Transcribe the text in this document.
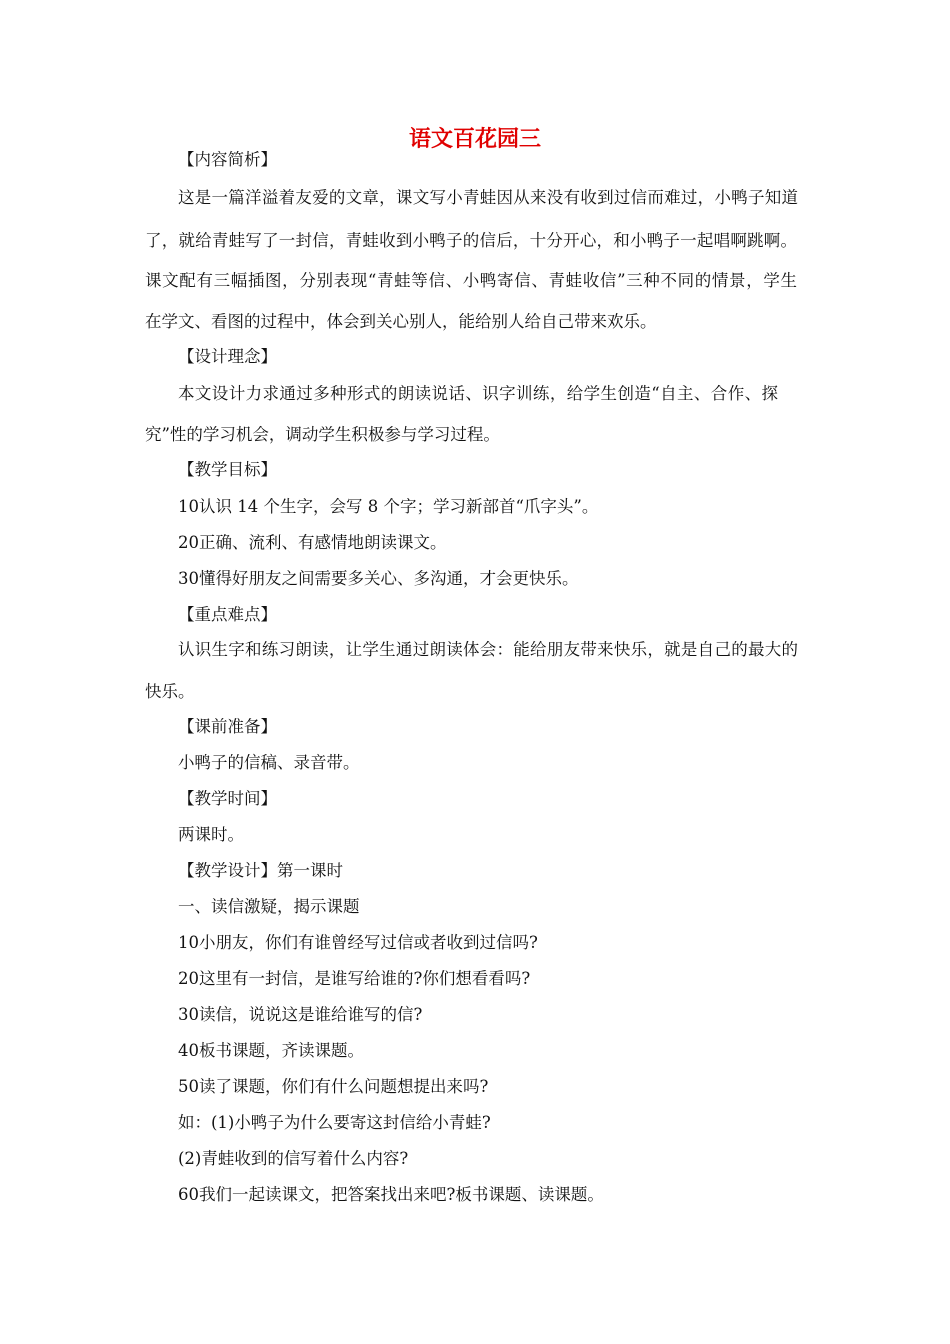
语文百花园三
【内容简析】
这是一篇洋溢着友爱的文章，课文写小青蛙因从来没有收到过信而难过，小鸭子知道
了，就给青蛙写了一封信，青蛙收到小鸭子的信后，十分开心，和小鸭子一起唱啊跳啊。
课文配有三幅插图，分别表现“青蛙等信、小鸭寄信、青蛙收信”三种不同的情景，学生
在学文、看图的过程中，体会到关心别人，能给别人给自己带来欢乐。
【设计理念】
本文设计力求通过多种形式的朗读说话、识字训练，给学生创造“自主、合作、探
究”性的学习机会，调动学生积极参与学习过程。
【教学目标】
10认识 14 个生字，会写 8 个字；学习新部首“爪字头”。
20正确、流利、有感情地朗读课文。
30懂得好朋友之间需要多关心、多沟通，才会更快乐。
【重点难点】
认识生字和练习朗读，让学生通过朗读体会：能给朋友带来快乐，就是自己的最大的
快乐。
【课前准备】
小鸭子的信稿、录音带。
【教学时间】
两课时。
【教学设计】第一课时
一、读信激疑，揭示课题
10小朋友，你们有谁曾经写过信或者收到过信吗?
20这里有一封信，是谁写给谁的?你们想看看吗?
30读信，说说这是谁给谁写的信?
40板书课题，齐读课题。
50读了课题，你们有什么问题想提出来吗?
如：(1)小鸭子为什么要寄这封信给小青蛙?
(2)青蛙收到的信写着什么内容?
60我们一起读课文，把答案找出来吧?板书课题、读课题。
